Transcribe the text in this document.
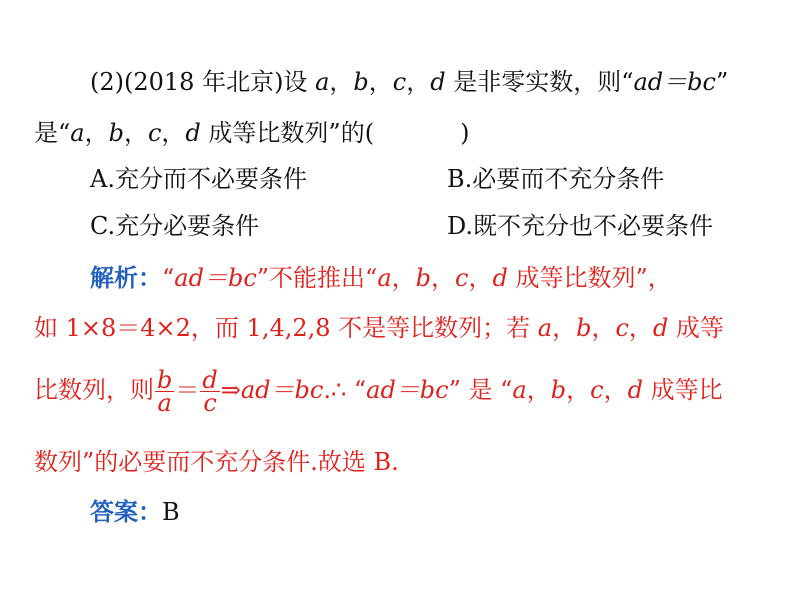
(2)(2018 年北京)设 a，b，c，d 是非零实数，则“ad＝bc”
是“a，b，c，d 成等比数列”的(	)
A.充分而不必要条件	B.必要而不充分条件
C.充分必要条件	D.既不充分也不必要条件
解析：“ad＝bc”不能推出“a，b，c，d 成等比数列”，
如 1×8＝4×2，而 1,4,2,8 不是等比数列；若 a，b，c，d 成等
比数列，则 $\frac{b}{a} = \frac{d}{c}$ ⇒ad＝bc.∴ “ad＝bc” 是 “a，b，c，d 成等比
数列”的必要而不充分条件.故选 B.
答案：B
